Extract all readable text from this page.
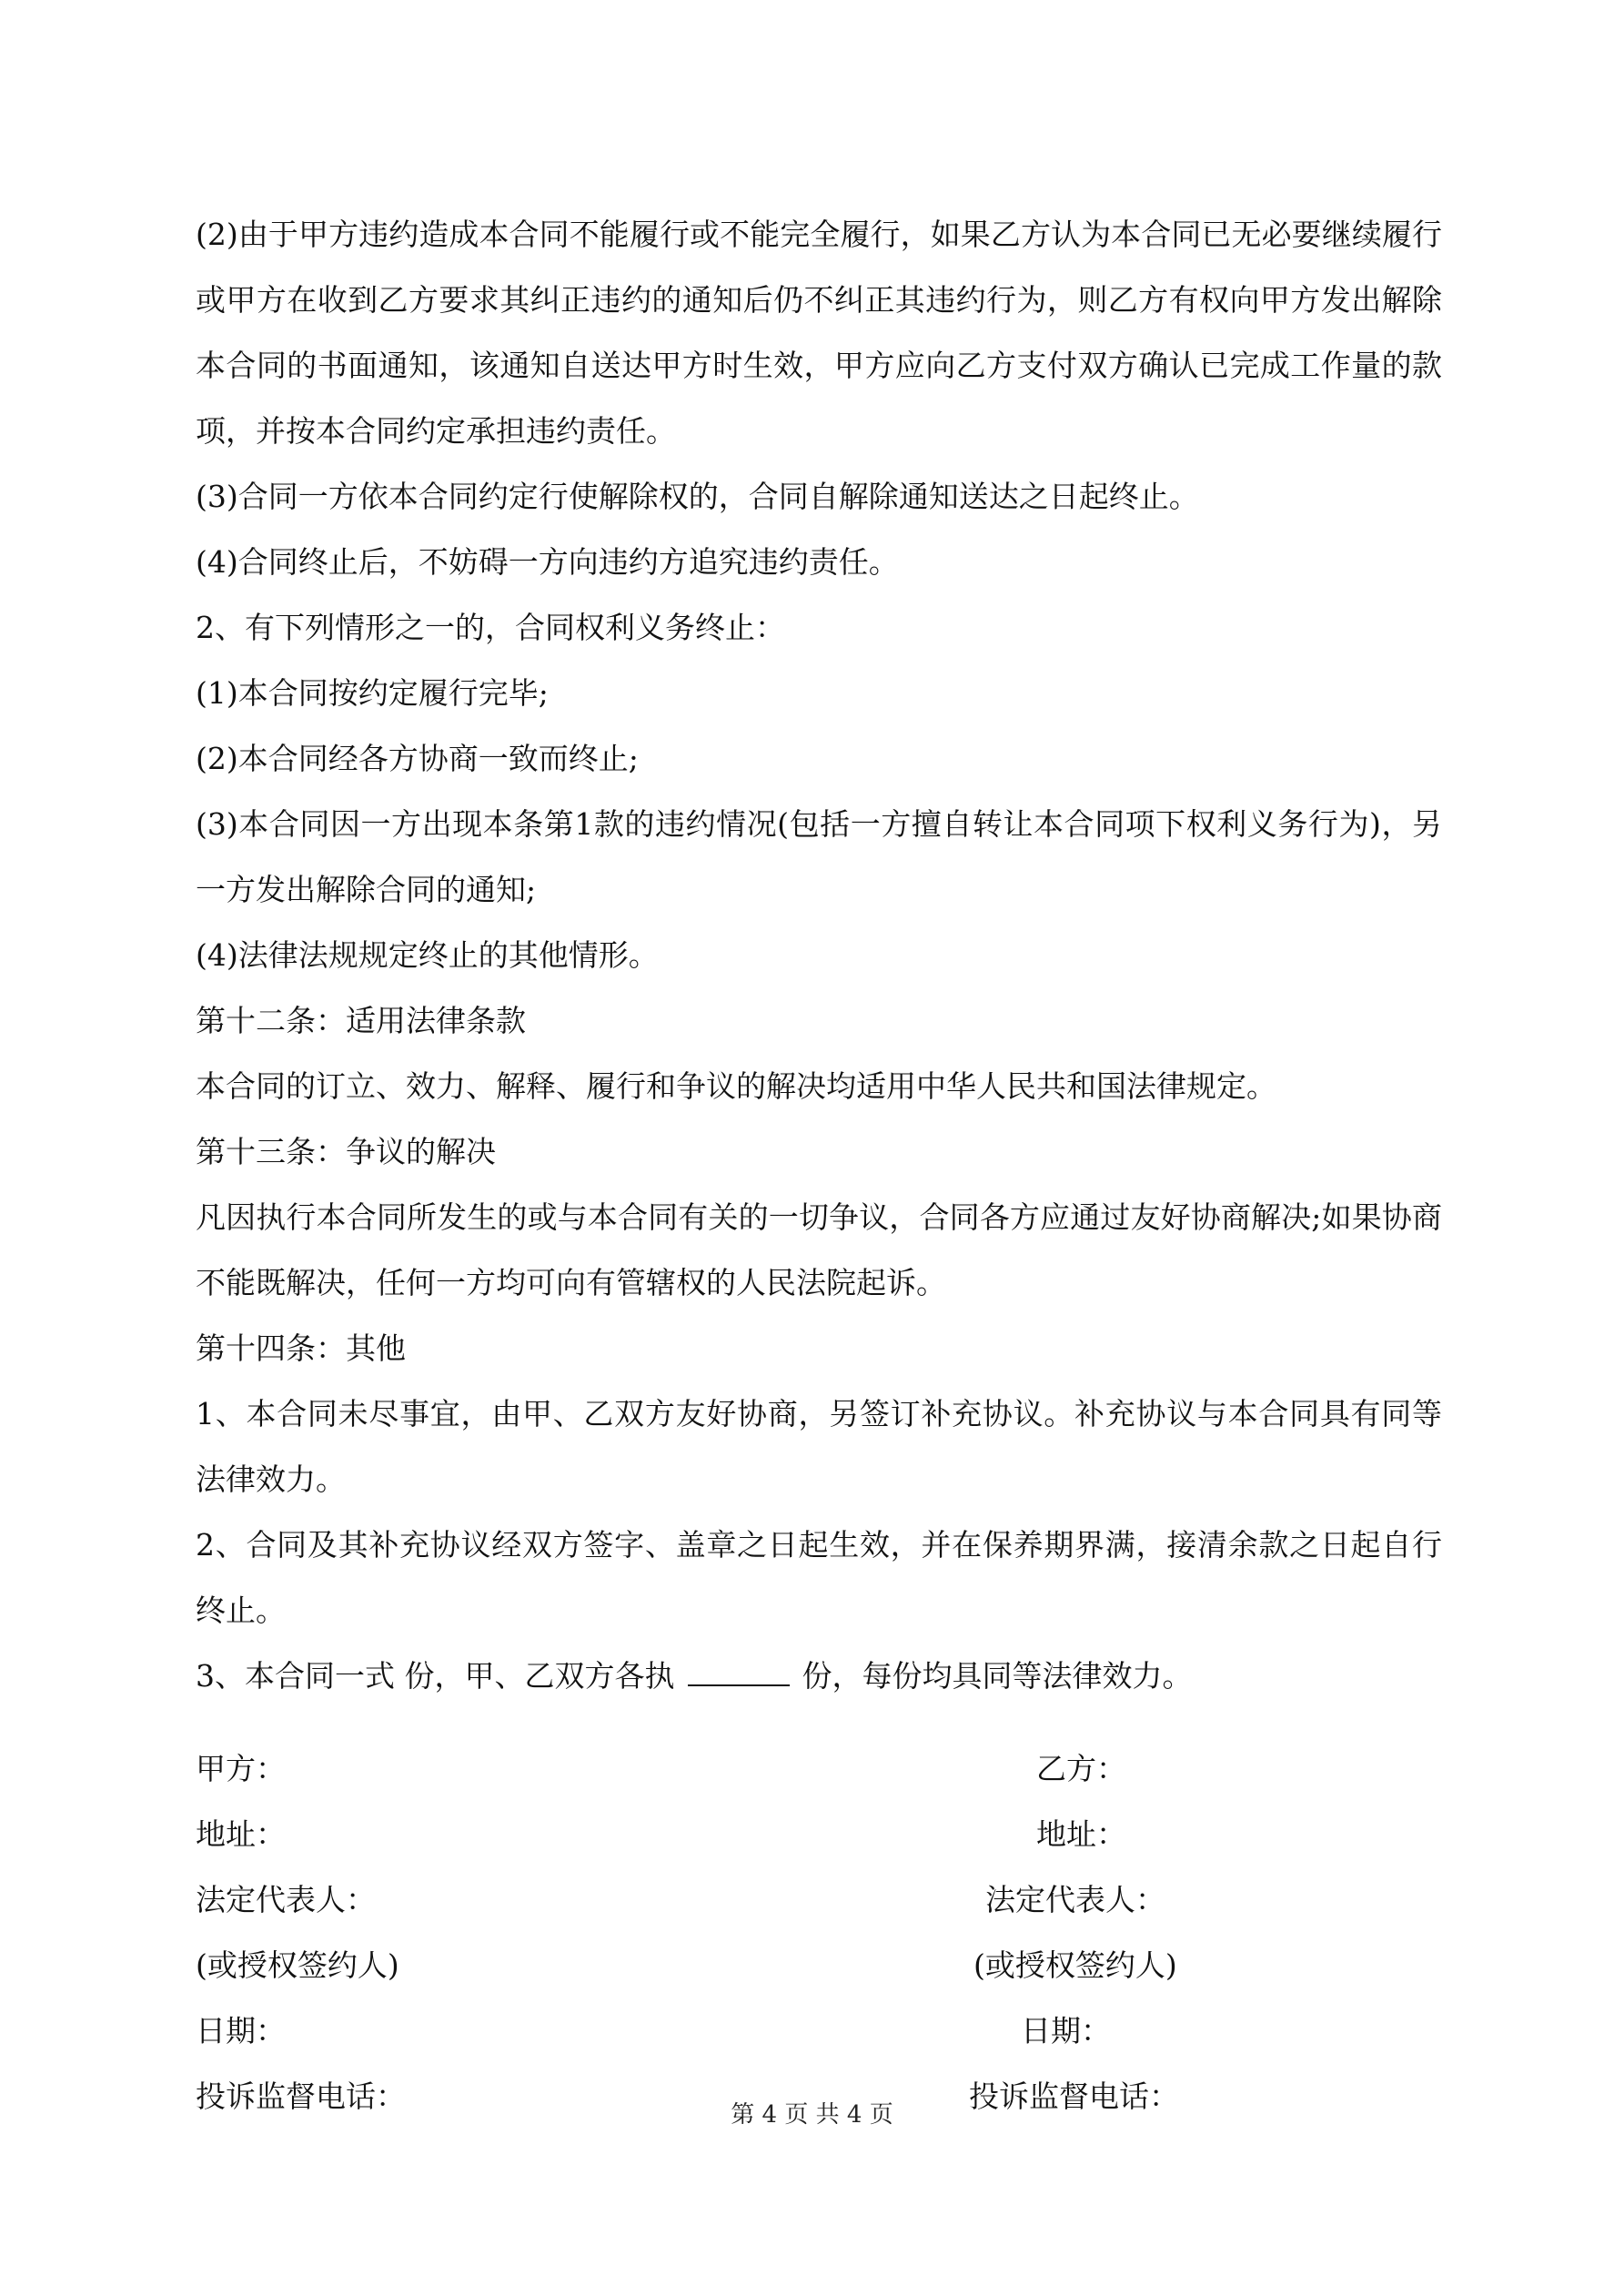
(2)由于甲方违约造成本合同不能履行或不能完全履行，如果乙方认为本合同已无必要继续履行或甲方在收到乙方要求其纠正违约的通知后仍不纠正其违约行为，则乙方有权向甲方发出解除本合同的书面通知，该通知自送达甲方时生效，甲方应向乙方支付双方确认已完成工作量的款项，并按本合同约定承担违约责任。

(3)合同一方依本合同约定行使解除权的，合同自解除通知送达之日起终止。

(4)合同终止后，不妨碍一方向违约方追究违约责任。

2、有下列情形之一的，合同权利义务终止：

(1)本合同按约定履行完毕;

(2)本合同经各方协商一致而终止;

(3)本合同因一方出现本条第1款的违约情况(包括一方擅自转让本合同项下权利义务行为)，另一方发出解除合同的通知;

(4)法律法规规定终止的其他情形。

第十二条：适用法律条款

本合同的订立、效力、解释、履行和争议的解决均适用中华人民共和国法律规定。

第十三条：争议的解决

凡因执行本合同所发生的或与本合同有关的一切争议，合同各方应通过友好协商解决;如果协商不能既解决，任何一方均可向有管辖权的人民法院起诉。

第十四条：其他

1、本合同未尽事宜，由甲、乙双方友好协商，另签订补充协议。补充协议与本合同具有同等法律效力。

2、合同及其补充协议经双方签字、盖章之日起生效，并在保养期界满，接清余款之日起自行终止。

3、本合同一式 份，甲、乙双方各执	份，每份均具同等法律效力。

甲方：
地址：
法定代表人：
(或授权签约人)
日期：
投诉监督电话：
乙方：
地址：
法定代表人：
(或授权签约人)
日期：
投诉监督电话：
第 4 页 共 4 页
